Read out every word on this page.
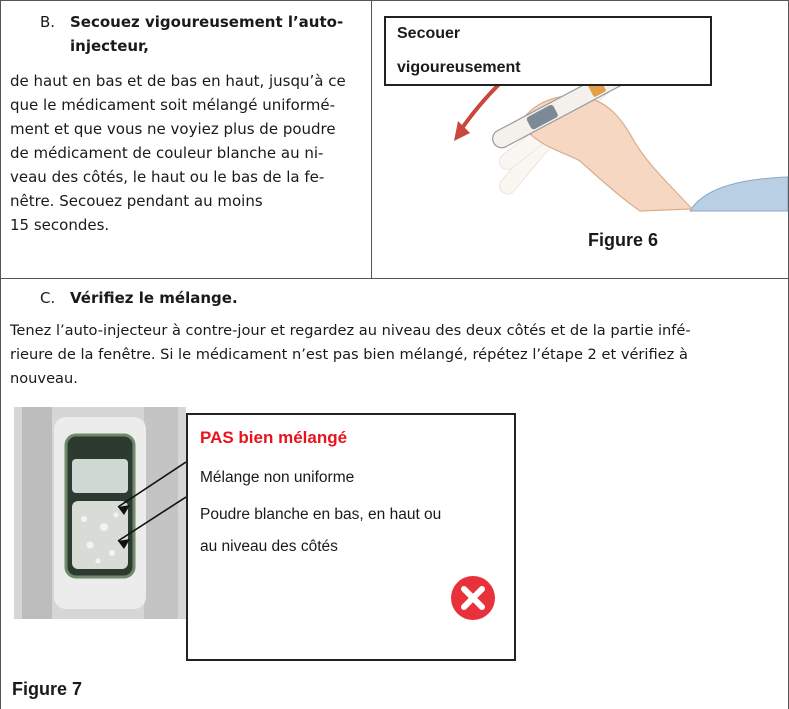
B. Secouez vigoureusement l’auto-
injecteur,
de haut en bas et de bas en haut, jusqu’à ce
que le médicament soit mélangé uniformé-
ment et que vous ne voyiez plus de poudre
de médicament de couleur blanche au ni-
veau des côtés, le haut ou le bas de la fe-
nêtre. Secouez pendant au moins
15 secondes.
Secouer
vigoureusement
Figure 6
C. Vérifiez le mélange.
Tenez l’auto-injecteur à contre-jour et regardez au niveau des deux côtés et de la partie infé-
rieure de la fenêtre. Si le médicament n’est pas bien mélangé, répétez l’étape 2 et vérifiez à
nouveau.
PAS bien mélangé
Mélange non uniforme
Poudre blanche en bas, en haut ou
au niveau des côtés
Figure 7
